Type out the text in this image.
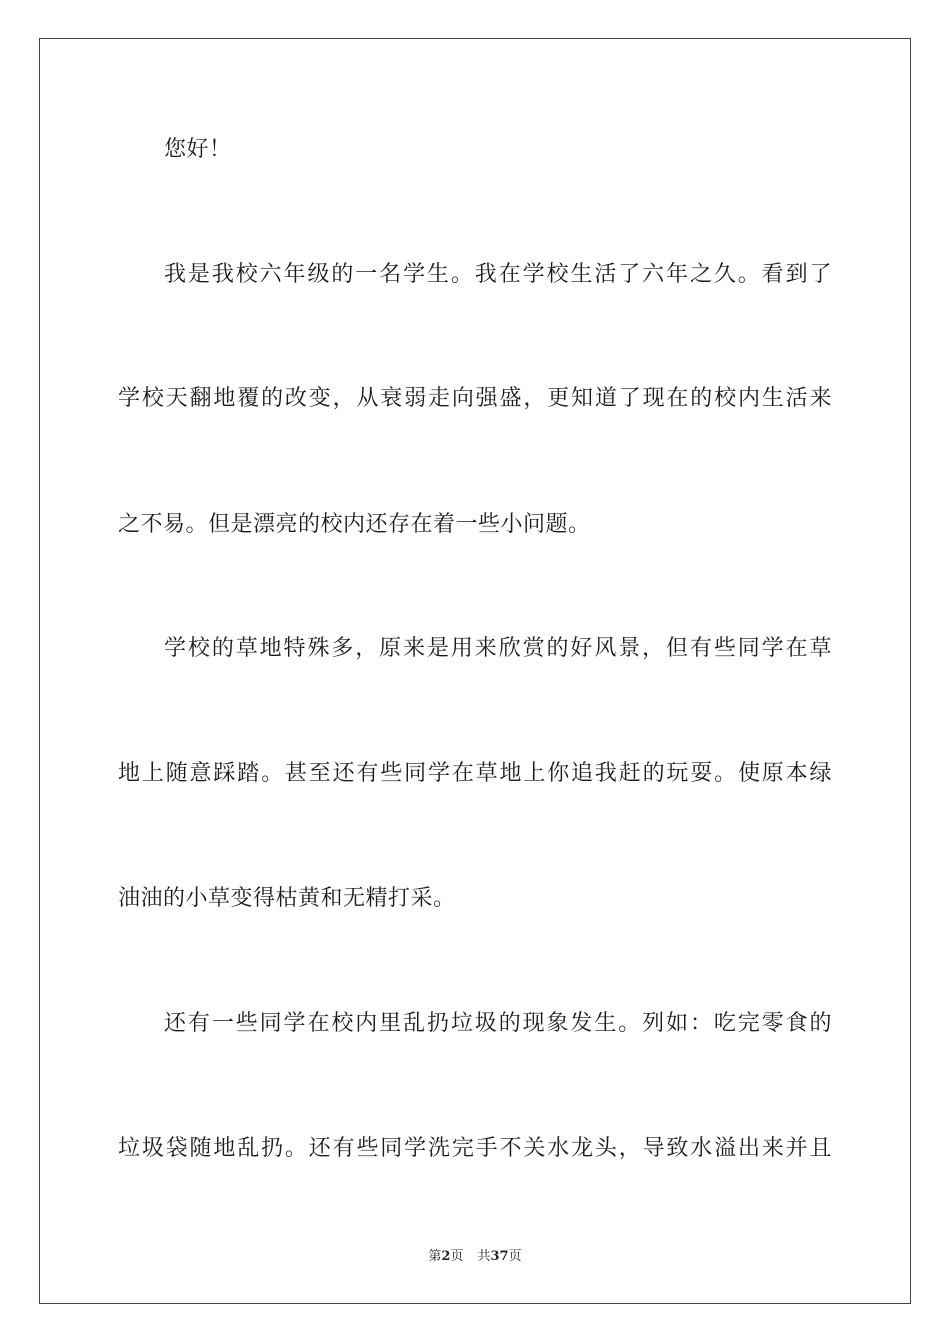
您好！
我是我校六年级的一名学生。我在学校生活了六年之久。看到了
学校天翻地覆的改变，从衰弱走向强盛，更知道了现在的校内生活来
之不易。但是漂亮的校内还存在着一些小问题。
学校的草地特殊多，原来是用来欣赏的好风景，但有些同学在草
地上随意踩踏。甚至还有些同学在草地上你追我赶的玩耍。使原本绿
油油的小草变得枯黄和无精打采。
还有一些同学在校内里乱扔垃圾的现象发生。列如：吃完零食的
垃圾袋随地乱扔。还有些同学洗完手不关水龙头，导致水溢出来并且
第2页 共37页
